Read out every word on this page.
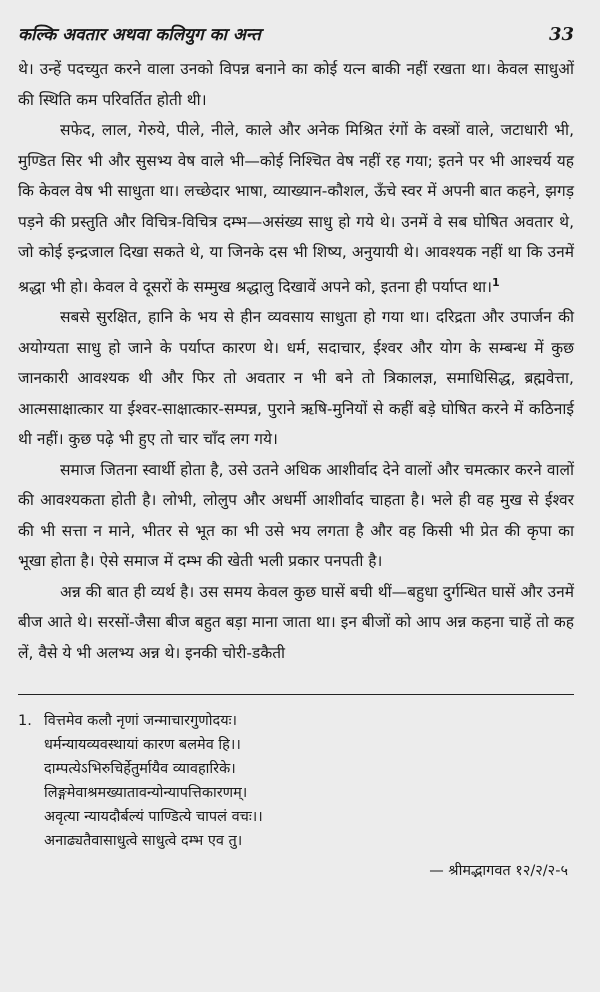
कल्कि अवतार अथवा कलियुग का अन्त	33

थे। उन्हें पदच्युत करने वाला उनको विपन्न बनाने का कोई यत्न बाकी नहीं रखता था। केवल साधुओं की स्थिति कम परिवर्तित होती थी।

सफेद, लाल, गेरुये, पीले, नीले, काले और अनेक मिश्रित रंगों के वस्त्रों वाले, जटाधारी भी, मुण्डित सिर भी और सुसभ्य वेष वाले भी—कोई निश्चित वेष नहीं रह गया; इतने पर भी आश्चर्य यह कि केवल वेष भी साधुता था। लच्छेदार भाषा, व्याख्यान-कौशल, ऊँचे स्वर में अपनी बात कहने, झगड़ पड़ने की प्रस्तुति और विचित्र-विचित्र दम्भ—असंख्य साधु हो गये थे। उनमें वे सब घोषित अवतार थे, जो कोई इन्द्रजाल दिखा सकते थे, या जिनके दस भी शिष्य, अनुयायी थे। आवश्यक नहीं था कि उनमें श्रद्धा भी हो। केवल वे दूसरों के सम्मुख श्रद्धालु दिखावें अपने को, इतना ही पर्याप्त था।$^1$

सबसे सुरक्षित, हानि के भय से हीन व्यवसाय साधुता हो गया था। दरिद्रता और उपार्जन की अयोग्यता साधु हो जाने के पर्याप्त कारण थे। धर्म, सदाचार, ईश्वर और योग के सम्बन्ध में कुछ जानकारी आवश्यक थी और फिर तो अवतार न भी बने तो त्रिकालज्ञ, समाधिसिद्ध, ब्रह्मवेत्ता, आत्मसाक्षात्कार या ईश्वर-साक्षात्कार-सम्पन्न, पुराने ऋषि-मुनियों से कहीं बड़े घोषित करने में कठिनाई थी नहीं। कुछ पढ़े भी हुए तो चार चाँद लग गये।

समाज जितना स्वार्थी होता है, उसे उतने अधिक आशीर्वाद देने वालों और चमत्कार करने वालों की आवश्यकता होती है। लोभी, लोलुप और अधर्मी आशीर्वाद चाहता है। भले ही वह मुख से ईश्वर की भी सत्ता न माने, भीतर से भूत का भी उसे भय लगता है और वह किसी भी प्रेत की कृपा का भूखा होता है। ऐसे समाज में दम्भ की खेती भली प्रकार पनपती है।

अन्न की बात ही व्यर्थ है। उस समय केवल कुछ घासें बची थीं—बहुधा दुर्गन्धित घासें और उनमें बीज आते थे। सरसों-जैसा बीज बहुत बड़ा माना जाता था। इन बीजों को आप अन्न कहना चाहें तो कह लें, वैसे ये भी अलभ्य अन्न थे। इनकी चोरी-डकैती

1. वित्तमेव कलौ नृणां जन्माचारगुणोदयः।
धर्मन्यायव्यवस्थायां कारण बलमेव हि।।
दाम्पत्येऽभिरुचिर्हेतुर्मायैव व्यावहारिके।
लिङ्गमेवाश्रमख्यातावन्योन्यापत्तिकारणम्।
अवृत्या न्यायदौर्बल्यं पाण्डित्ये चापलं वचः।।
अनाढ्यतैवासाधुत्वे साधुत्वे दम्भ एव तु।
— श्रीमद्भागवत १२/२/२-५
